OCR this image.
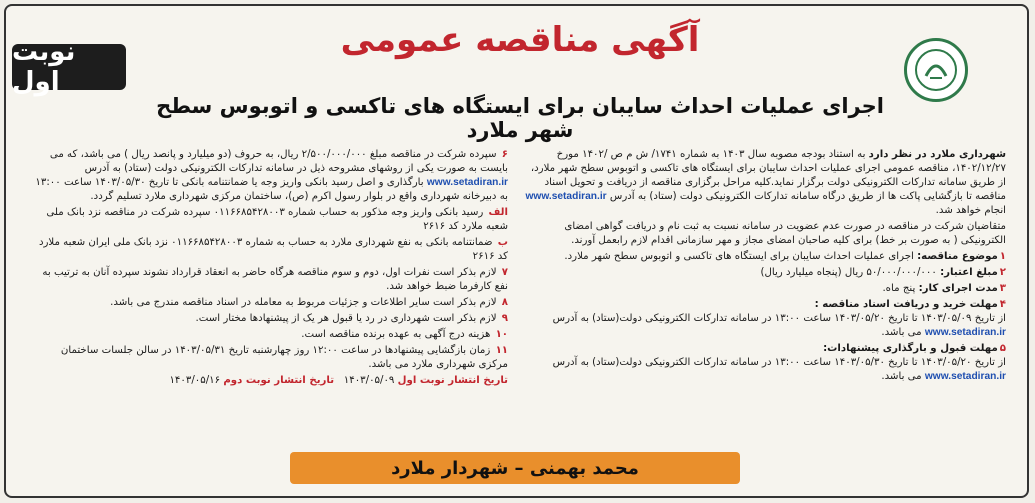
نوبت اول
آگهی مناقصه عمومی
اجرای عملیات احداث سایبان برای ایستگاه های تاکسی و اتوبوس سطح شهر ملارد

شهرداری ملارد در نظر دارد به استناد بودجه مصوبه سال ۱۴۰۳ به شماره ۱۷۴۱/ ش م ص /۱۴۰۲ مورخ ۱۴۰۲/۱۲/۲۷، مناقصه عمومی اجرای عملیات احداث سایبان برای ایستگاه های تاکسی و اتوبوس سطح شهر ملارد، از طریق سامانه تدارکات الکترونیکی دولت برگزار نماید.کلیه مراحل برگزاری مناقصه از دریافت و تحویل اسناد مناقصه تا بازگشایی پاکت ها از طریق درگاه سامانه تدارکات الکترونیکی دولت (ستاد) به آدرس www.setadiran.ir انجام خواهد شد.

متقاضیان شرکت در مناقصه در صورت عدم عضویت در سامانه نسبت به ثبت نام و دریافت گواهی امضای الکترونیکی ( به صورت بر خط) برای کلیه صاحبان امضای مجاز و مهر سازمانی اقدام لازم رابعمل آورند.

۱موضوع مناقصه: اجرای عملیات احداث سایبان برای ایستگاه های تاکسی و اتوبوس سطح شهر ملارد.

۲مبلغ اعتبار: ۵۰/۰۰۰/۰۰۰/۰۰۰ ریال (پنجاه میلیارد ریال)

۳مدت اجرای کار: پنج ماه.

۴مهلت خرید و دریافت اسناد مناقصه :
از تاریخ ۱۴۰۳/۰۵/۰۹ تا تاریخ ۱۴۰۳/۰۵/۲۰ ساعت ۱۳:۰۰ در سامانه تدارکات الکترونیکی دولت(ستاد) به آدرس www.setadiran.ir می باشد.

۵مهلت قبول و بارگذاری پیشنهادات:
از تاریخ ۱۴۰۳/۰۵/۲۰ تا تاریخ ۱۴۰۳/۰۵/۳۰ ساعت ۱۳:۰۰ در سامانه تدارکات الکترونیکی دولت(ستاد) به آدرس www.setadiran.ir می باشد.

۶ سپرده شرکت در مناقصه مبلغ ۲/۵۰۰/۰۰۰/۰۰۰ ریال، به حروف (دو میلیارد و پانصد ریال ) می باشد، که می بایست به صورت یکی از روشهای مشروحه ذیل در سامانه تدارکات الکترونیکی دولت (ستاد) به آدرس www.setadiran.ir بارگذاری و اصل رسید بانکی واریز وجه یا ضمانتنامه بانکی تا تاریخ ۱۴۰۳/۰۵/۳۰ ساعت ۱۳:۰۰ به دبیرخانه شهرداری واقع در بلوار رسول اکرم (ص)، ساختمان مرکزی شهرداری ملارد تسلیم گردد.

الف رسید بانکی واریز وجه مذکور به حساب شماره ۰۱۱۶۶۸۵۴۲۸۰۰۳ سپرده شرکت در مناقصه نزد بانک ملی شعبه ملارد کد ۲۶۱۶

ب ضمانتنامه بانکی به نفع شهرداری ملارد به حساب به شماره ۰۱۱۶۶۸۵۴۲۸۰۰۳ نزد بانک ملی ایران شعبه ملارد کد ۲۶۱۶

۷ لازم بذکر است نفرات اول، دوم و سوم مناقصه هرگاه حاضر به انعقاد قرارداد نشوند سپرده آنان به ترتیب به نفع کارفرما ضبط خواهد شد.

۸ لازم بذکر است سایر اطلاعات و جزئیات مربوط به معامله در اسناد مناقصه مندرج می باشد.

۹ لازم بذکر است شهرداری در رد یا قبول هر یک از پیشنهادها مختار است.

۱۰ هزینه درج آگهی به عهده برنده مناقصه است.

۱۱ زمان بازگشایی پیشنهادها در ساعت ۱۲:۰۰ روز چهارشنبه تاریخ ۱۴۰۳/۰۵/۳۱ در سالن جلسات ساختمان مرکزی شهرداری ملارد می باشد.

تاریخ انتشار نوبت اول ۱۴۰۳/۰۵/۰۹   تاریخ انتشار نوبت دوم ۱۴۰۳/۰۵/۱۶

محمد بهمنی – شهردار ملارد
